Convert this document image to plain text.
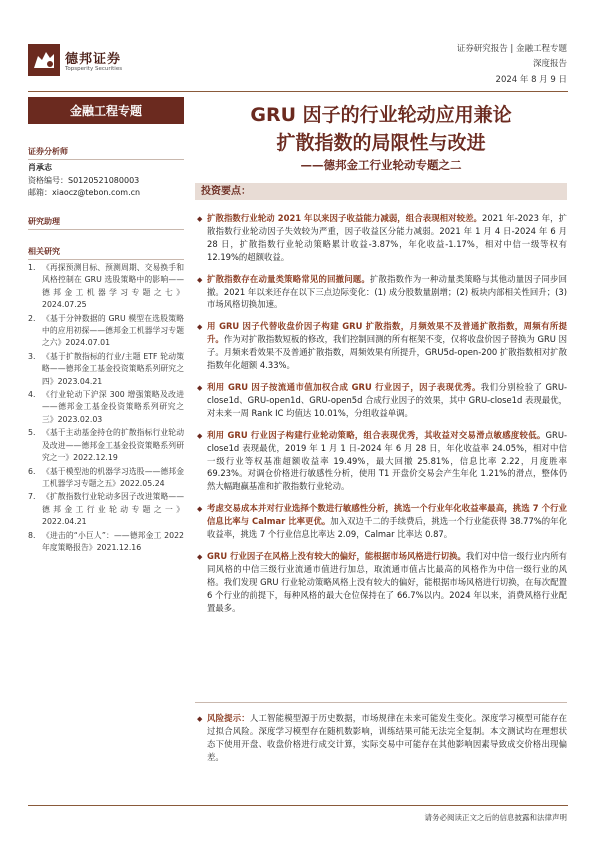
德邦证券
Topsperity Securities
证券研究报告 | 金融工程专题
深度报告
2024 年 8 月 9 日
金融工程专题
证券分析师
肖承志
资格编号：S0120521080003
邮箱：xiaocz@tebon.com.cn
研究助理
相关研究
1. 《再探预测目标、预测周期、交易换手和风格控制在 GRU 选股策略中的影响——德邦金工机器学习专题之七》2024.07.25
2. 《基于分钟数据的 GRU 模型在选股策略中的应用初探——德邦金工机器学习专题之六》2024.07.01
3. 《基于扩散指标的行业/主题 ETF 轮动策略——德邦金工基金投资策略系列研究之四》2023.04.21
4. 《行业轮动下沪深 300 增强策略及改进 ——德邦金工基金投资策略系列研究之三》2023.02.03
5. 《基于主动基金持仓的扩散指标行业轮动及改进——德邦金工基金投资策略系列研究之一》2022.12.19
6. 《基于模型池的机器学习选股——德邦金工机器学习专题之五》2022.05.24
7. 《扩散指数行业轮动多因子改进策略——德邦金工行业轮动专题之一》2022.04.21
8. 《进击的“小巨人”：——德邦金工 2022 年度策略报告》2021.12.16
GRU 因子的行业轮动应用兼论
扩散指数的局限性与改进
——德邦金工行业轮动专题之二
投资要点：
◆ 扩散指数行业轮动 2021 年以来因子收益能力减弱，组合表现相对较差。2021 年-2023 年，扩散指数行业轮动因子失效较为严重，因子收益区分能力减弱。2021 年 1 月 4 日-2024 年 6 月 28 日，扩散指数行业轮动策略累计收益-3.87%，年化收益-1.17%，相对中信一级等权有 12.19%的超额收益。
◆ 扩散指数存在动量类策略常见的回撤问题。扩散指数作为一种动量类策略与其他动量因子同步回撤。2021 年以来还存在以下三点边际变化：(1) 成分股数量剧增；(2) 板块内部相关性回升；(3) 市场风格切换加速。
◆ 用 GRU 因子代替收盘价因子构建 GRU 扩散指数，月频效果不及普通扩散指数，周频有所提升。作为对扩散指数短板的修改，我们控制回测的所有框架不变，仅将收盘价因子替换为 GRU 因子。月频来看效果不及普通扩散指数，周频效果有所提升，GRU5d-open-200 扩散指数相对扩散指数年化超额 4.33%。
◆ 利用 GRU 因子按流通市值加权合成 GRU 行业因子，因子表现优秀。我们分别检验了 GRU-close1d、GRU-open1d、GRU-open5d 合成行业因子的效果，其中 GRU-close1d 表现最优，对未来一周 Rank IC 均值达 10.01%，分组收益单调。
◆ 利用 GRU 行业因子构建行业轮动策略，组合表现优秀，其收益对交易滑点敏感度较低。GRU-close1d 表现最优，2019 年 1 月 1 日-2024 年 6 月 28 日，年化收益率 24.05%，相对中信一级行业等权基准超额收益率 19.49%，最大回撤 25.81%，信息比率 2.22，月度胜率 69.23%。对调仓价格进行敏感性分析，使用 T1 开盘价交易会产生年化 1.21%的滑点，整体仍然大幅跑赢基准和扩散指数行业轮动。
◆ 考虑交易成本并对行业选择个数进行敏感性分析，挑选一个行业年化收益率最高，挑选 7 个行业信息比率与 Calmar 比率更优。加入双边千二的手续费后，挑选一个行业能获得 38.77%的年化收益率，挑选 7 个行业信息比率达 2.09，Calmar 比率达 0.87。
◆ GRU 行业因子在风格上没有较大的偏好，能根据市场风格进行切换。我们对中信一级行业内所有同风格的中信三级行业流通市值进行加总，取流通市值占比最高的风格作为中信一级行业的风格。我们发现 GRU 行业轮动策略风格上没有较大的偏好，能根据市场风格进行切换，在每次配置 6 个行业的前提下，每种风格的最大仓位保持在了 66.7%以内。2024 年以来，消费风格行业配置最多。
◆ 风险提示：人工智能模型源于历史数据，市场规律在未来可能发生变化。深度学习模型可能存在过拟合风险。深度学习模型存在随机数影响，训练结果可能无法完全复制。本文测试均在理想状态下使用开盘、收盘价格进行成交计算，实际交易中可能存在其他影响因素导致成交价格出现偏差。
请务必阅读正文之后的信息披露和法律声明
